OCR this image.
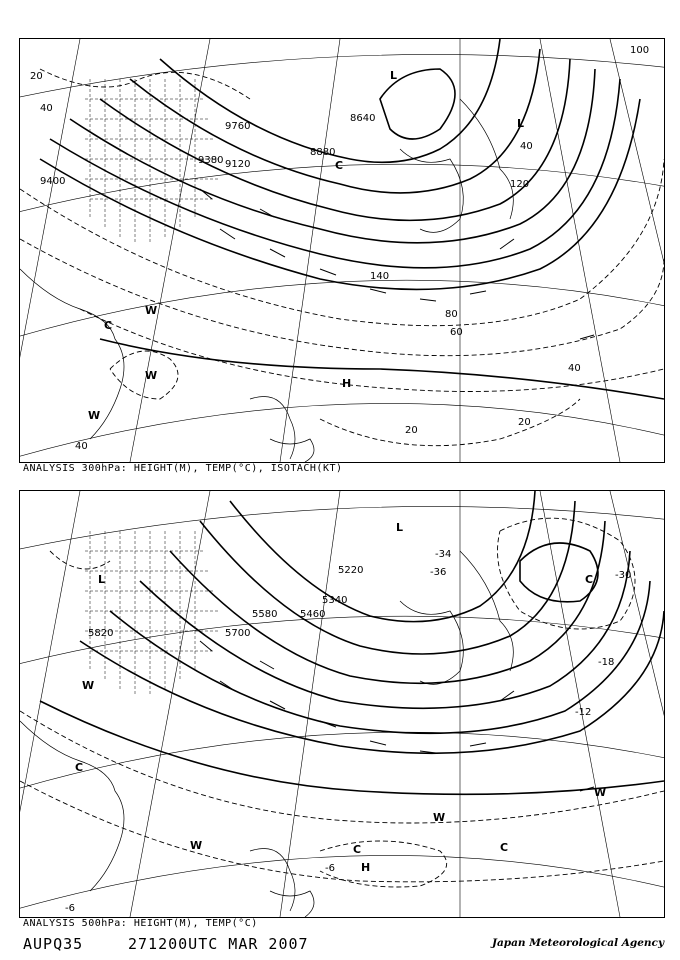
20
40
9400
9120
8880
8640
9380
9760
80
60
140
120
40
20
20
40
40
100
L
L
H
W
W
W
C
C
ANALYSIS 300hPa: HEIGHT(M), TEMP(°C), ISOTACH(KT)
5820	5700
5580 5460
5340
5220	-36	-30
-18
-12
-6
-6
-34
L
L	C
C	C
H
W
W
W
W
C
ANALYSIS 500hPa: HEIGHT(M), TEMP(°C)
AUPQ35	271200UTC MAR 2007	Japan Meteorological Agency
